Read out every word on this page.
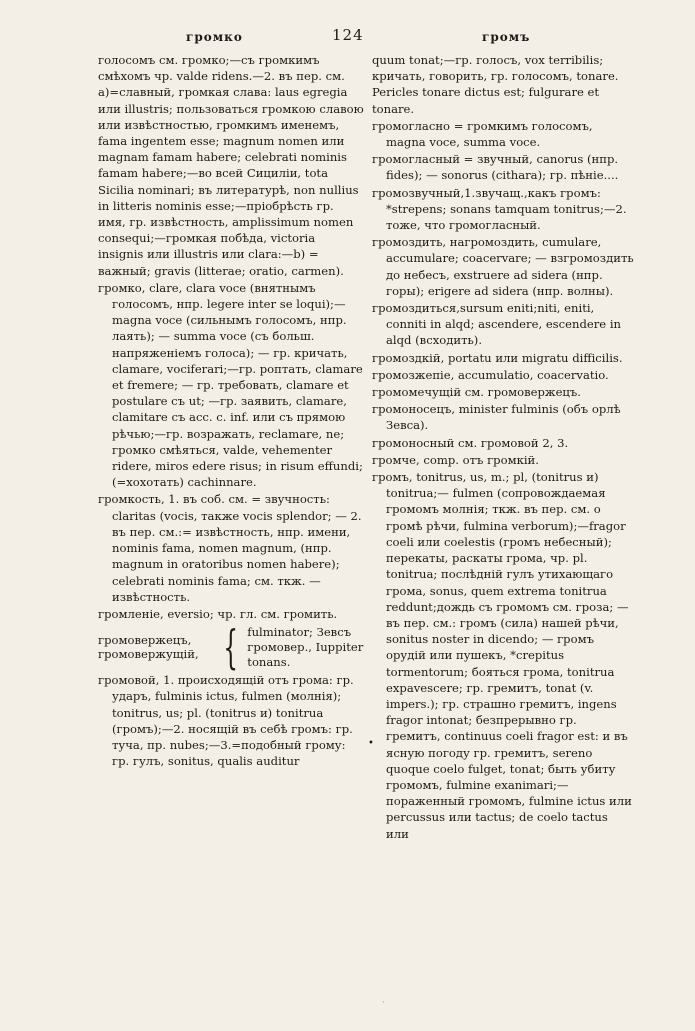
громко	124	громъ

голосомъ см. громко;—съ громкимъ смѣхомъ чр. valde ridens.—2. въ пер. см. a)=славный, громкая слава: laus egregia или illustris; пользоваться громкою славою или извѣстностью, громкимъ именемъ, fama ingentem esse; magnum nomen или magnam famam habere; celebrati nominis famam habere;—во всей Сициліи, tota Sicilia nominari; въ литературѣ, non nullius in litteris nominis esse;—пріобрѣсть гр. имя, гр. извѣстность, amplissimum nomen consequi;—громкая побѣда, victoria insignis или illustris или clara:—b) = важный; gravis (litterae; oratio, carmen).

громко, clare, clara voce (внятнымъ голосомъ, нпр. legere inter se loqui);—magna voce (сильнымъ голосомъ, нпр. лаять); — summa voce (съ больш. напряженіемъ голоса); — гр. кричать, clamare, vociferari;—гр. роптать, clamare et fremere; — гр. требовать, clamare et postulare съ ut; —гр. заявить, clamare, clamitare съ acc. c. inf. или съ прямою рѣчью;—гр. возражать, reclamare, ne; громко смѣяться, valde, vehementer ridere, miros edere risus; in risum effundi; (=хохотать) cachinnare.

громкость, 1. въ соб. см. = звучность: claritas (vocis, также vocis splendor; — 2. въ пер. см.:= извѣстность, нпр. имени, nominis fama, nomen magnum, (нпр. magnum in oratoribus nomen habere); celebrati nominis fama; см. ткж. —извѣстность.

громленіе, eversio; чр. гл. см. громить.

громовержецъ,
громовержущій, { fulminator; Зевсъ громовер., Iuppiter tonans.

громовой, 1. происходящій отъ грома: гр. ударъ, fulminis ictus, fulmen (молнія); tonitrus, us; pl. (tonitrus и) tonitrua (громъ);—2. носящій въ себѣ громъ: гр. туча, пр. nubes;—3.=подобный грому: гр. гулъ, sonitus, qualis auditur

quum tonat;—гр. голосъ, vox terribilis; кричать, говорить, гр. голосомъ, tonare. Pericles tonare dictus est; fulgurare et tonare.

громогласно = громкимъ голосомъ, magna voce, summa voce.

громогласный = звучный, canorus (нпр. fides); — sonorus (cithara); гр. пѣніе....

громозвучный,1.звучащ.,какъ громъ: *strepens; sonans tamquam tonitrus;—2. тоже, что громогласный.

громоздить, нагромоздить, cumulare, accumulare; coacervare; — взгромоздить до небесъ, exstruere ad sidera (нпр. горы); erigere ad sidera (нпр. волны).

громоздиться,sursum eniti;niti, eniti, conniti in alqd; ascendere, escendere in alqd (всходить).

громоздкій, portatu или migratu difficilis.

громозжепіе, accumulatio, coacervatio.

громомечущій см. громовержецъ.

громоносецъ, minister fulminis (объ орлѣ Зевса).

громоносный см. громовой 2, 3.

громче, comp. отъ громкій.

громъ, tonitrus, us, m.; pl, (tonitrus и) tonitrua;— fulmen (сопровождаемая громомъ молнія; ткж. въ пер. см. о громѣ рѣчи, fulmina verborum);—fragor coeli или coelestis (громъ небесный); перекаты, раскаты грома, чр. pl. tonitrua; послѣдній гулъ утихающаго грома, sonus, quem extrema tonitrua reddunt;дождь съ громомъ см. гроза; — въ пер. см.: громъ (сила) нашей рѣчи, sonitus noster in dicendo; — громъ орудій или пушекъ, *crepitus tormentorum; бояться грома, tonitrua expavescere; гр. гремитъ, tonat (v. impers.); гр. страшно гремитъ, ingens fragor intonat; безпрерывно гр. гремитъ, continuus coeli fragor est: и въ ясную погоду гр. гремитъ, sereno quoque coelo fulget, tonat; быть убиту громомъ, fulmine exanimari;—пораженный громомъ, fulmine ictus или percussus или tactus; de coelo tactus или

•
·
